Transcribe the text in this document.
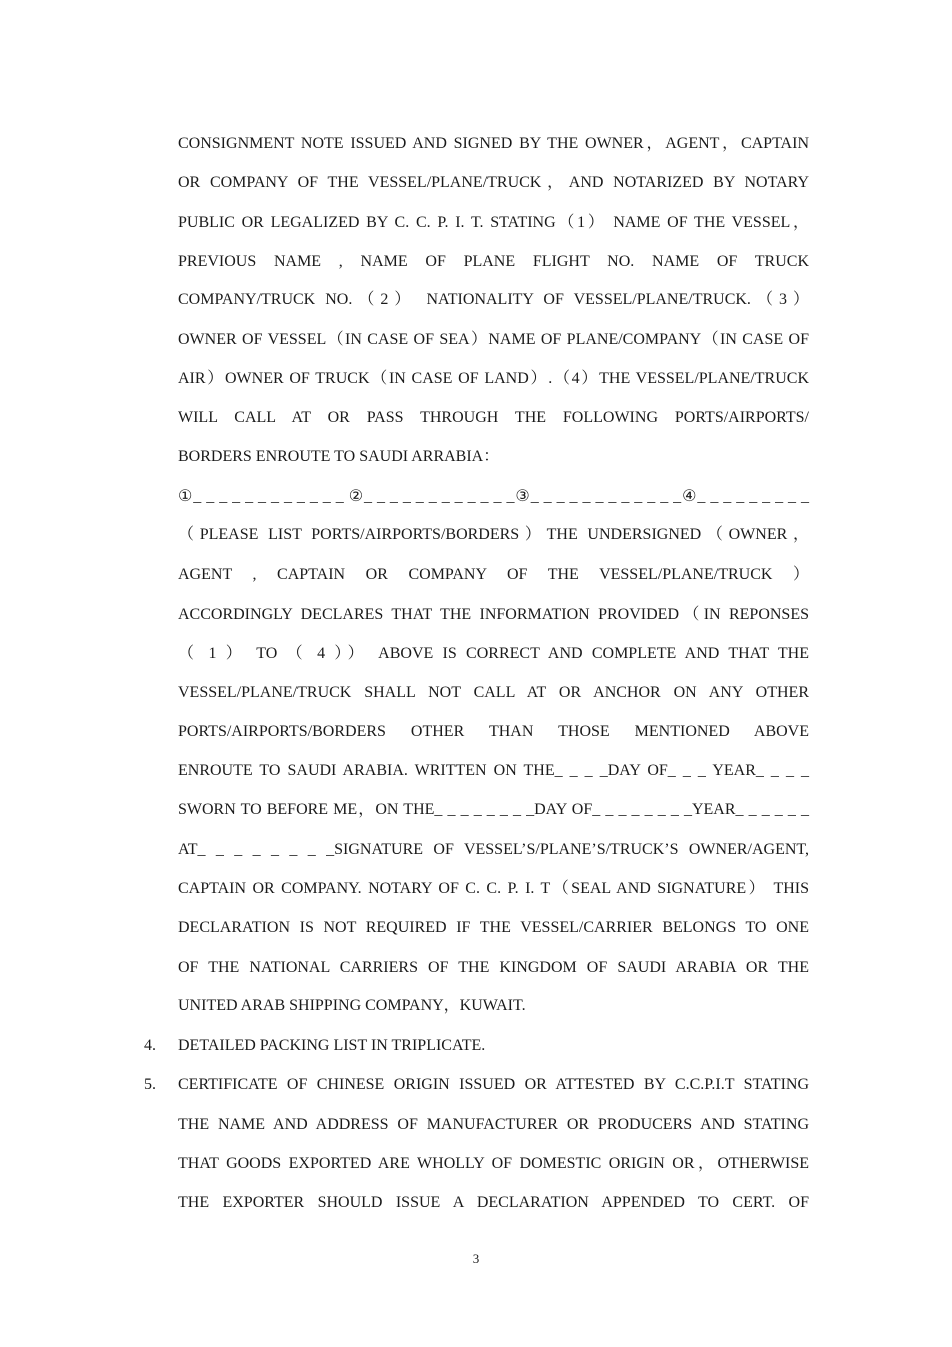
CONSIGNMENT NOTE ISSUED AND SIGNED BY THE OWNER，AGENT，CAPTAIN
OR COMPANY OF THE VESSEL/PLANE/TRUCK，AND NOTARIZED BY NOTARY
PUBLIC OR LEGALIZED BY C. C. P. I. T. STATING（1） NAME OF THE VESSEL，
PREVIOUS NAME , NAME OF PLANE FLIGHT NO. NAME OF TRUCK
COMPANY/TRUCK NO.（2） NATIONALITY OF VESSEL/PLANE/TRUCK.（3）
OWNER OF VESSEL（IN CASE OF SEA）NAME OF PLANE/COMPANY（IN CASE OF
AIR）OWNER OF TRUCK（IN CASE OF LAND）.（4）THE VESSEL/PLANE/TRUCK
WILL CALL AT OR PASS THROUGH THE FOLLOWING PORTS/AIRPORTS/
BORDERS ENROUTE TO SAUDI ARRABIA：
①_ _ _ _ _ _ _ _ _ _ _ _ ②_ _ _ _ _ _ _ _ _ _ _ _③_ _ _ _ _ _ _ _ _ _ _ _④_ _ _ _ _ _ _ _ _
（PLEASE LIST PORTS/AIRPORTS/BORDERS）THE UNDERSIGNED（OWNER，
AGENT , CAPTAIN OR COMPANY OF THE VESSEL/PLANE/TRUCK ）
ACCORDINGLY DECLARES THAT THE INFORMATION PROVIDED（IN REPONSES
（ 1 ） TO （ 4 ）） ABOVE IS CORRECT AND COMPLETE AND THAT THE
VESSEL/PLANE/TRUCK SHALL NOT CALL AT OR ANCHOR ON ANY OTHER
PORTS/AIRPORTS/BORDERS OTHER THAN THOSE MENTIONED ABOVE
ENROUTE TO SAUDI ARABIA. WRITTEN ON THE_ _ _ _DAY OF_ _ _ YEAR_ _ _ _
SWORN TO BEFORE ME，ON THE_ _ _ _ _ _ _ _DAY OF_ _ _ _ _ _ _ _YEAR_ _ _ _ _ _
AT_ _ _ _ _ _ _ _SIGNATURE OF VESSEL’S/PLANE’S/TRUCK’S OWNER/AGENT,
CAPTAIN OR COMPANY. NOTARY OF C. C. P. I. T（SEAL AND SIGNATURE） THIS
DECLARATION IS NOT REQUIRED IF THE VESSEL/CARRIER BELONGS TO ONE
OF THE NATIONAL CARRIERS OF THE KINGDOM OF SAUDI ARABIA OR THE
UNITED ARAB SHIPPING COMPANY，KUWAIT.
4. DETAILED PACKING LIST IN TRIPLICATE.
5. CERTIFICATE OF CHINESE ORIGIN ISSUED OR ATTESTED BY C.C.P.I.T STATING
THE NAME AND ADDRESS OF MANUFACTURER OR PRODUCERS AND STATING
THAT GOODS EXPORTED ARE WHOLLY OF DOMESTIC ORIGIN OR，OTHERWISE
THE EXPORTER SHOULD ISSUE A DECLARATION APPENDED TO CERT. OF
3
